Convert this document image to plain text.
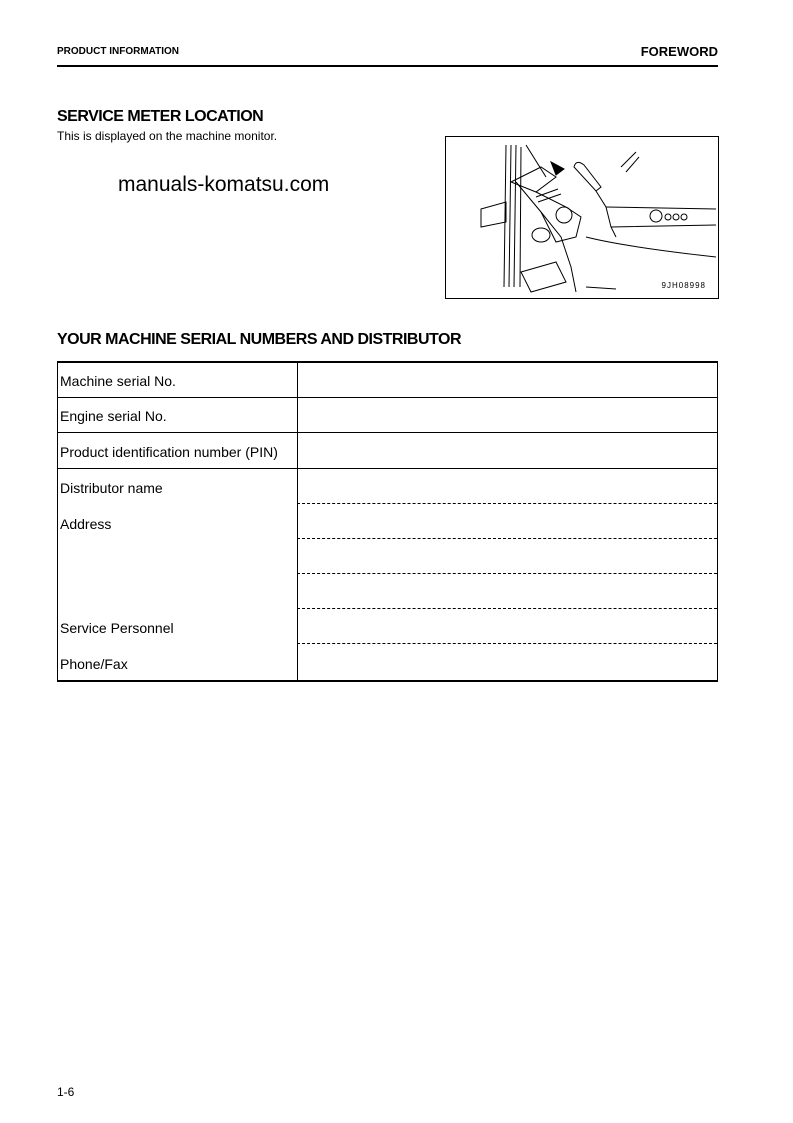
PRODUCT INFORMATION	FOREWORD
SERVICE METER LOCATION
This is displayed on the machine monitor.
manuals-komatsu.com
9JH08998
YOUR MACHINE SERIAL NUMBERS AND DISTRIBUTOR
Machine serial No.
Engine serial No.
Product identification number (PIN)
Distributor name
Address
Service Personnel
Phone/Fax
1-6
